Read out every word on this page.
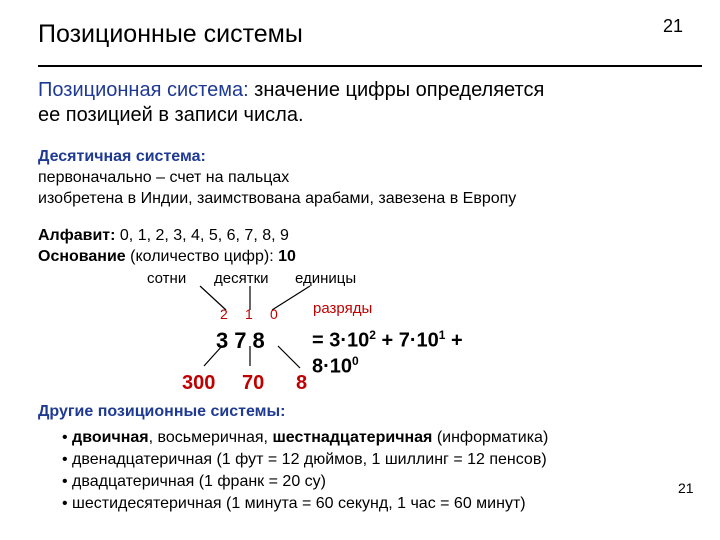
Позиционные системы	21
Позиционная система: значение цифры определяется
ее позицией в записи числа.
Десятичная система:
первоначально – счет на пальцах
изобретена в Индии, заимствована арабами, завезена в Европу
Алфавит: 0, 1, 2, 3, 4, 5, 6, 7, 8, 9
Основание (количество цифр): 10
сотни десятки единицы
2 1 0 разряды
$378 = 3\cdot 10^2 + 7\cdot 10^1$ +
$8\cdot 10^0$
300 70 8
Другие позиционные системы:
• двоичная, восьмеричная, шестнадцатеричная (информатика)
• двенадцатеричная (1 фут = 12 дюймов, 1 шиллинг = 12 пенсов)
• двадцатеричная (1 франк = 20 су)
• шестидесятеричная (1 минута = 60 секунд, 1 час = 60 минут)
21
